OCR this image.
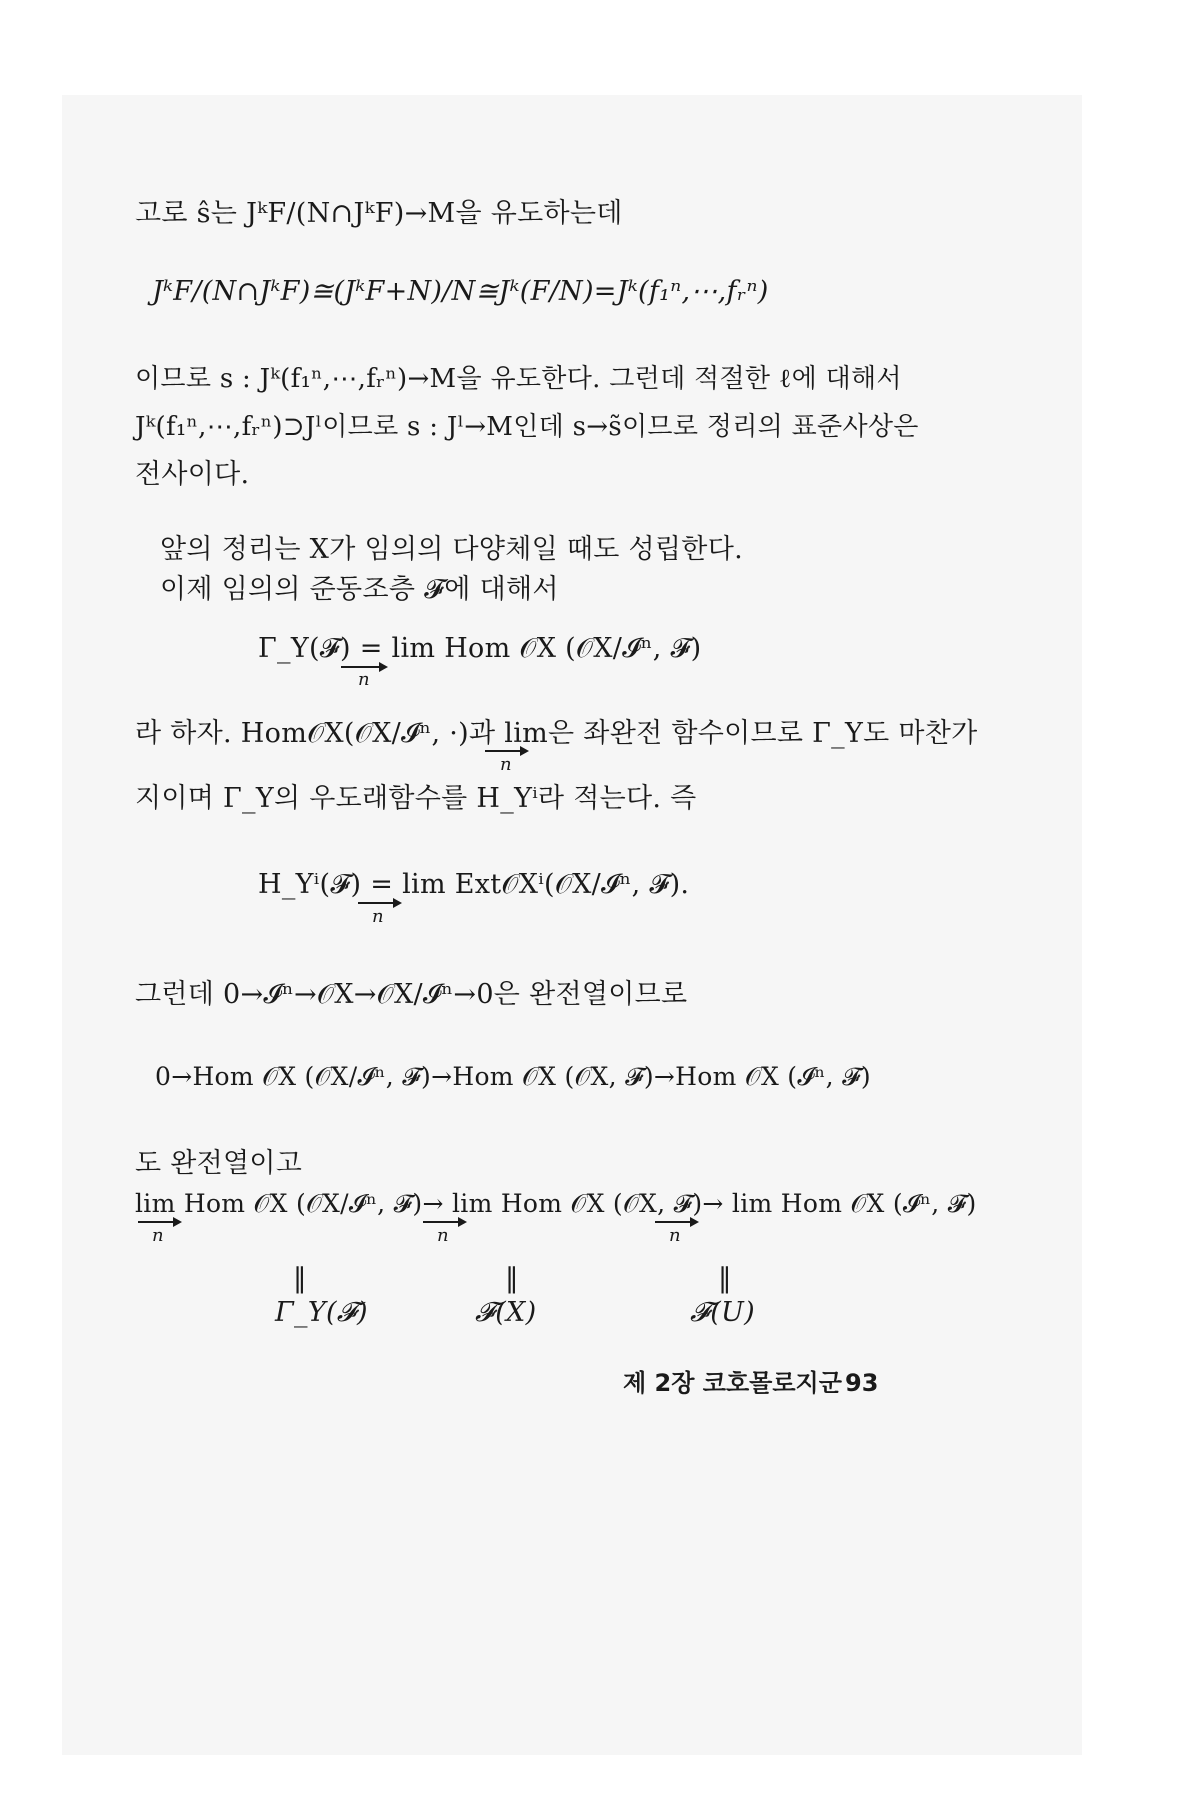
고로 ŝ는 JᵏF/(N∩JᵏF)→M을 유도하는데
JᵏF/(N∩JᵏF)≅(JᵏF+N)/N≅Jᵏ(F/N)=Jᵏ(f₁ⁿ,⋯,fᵣⁿ)
이므로 s : Jᵏ(f₁ⁿ,⋯,fᵣⁿ)→M을 유도한다. 그런데 적절한 ℓ에 대해서
Jᵏ(f₁ⁿ,⋯,fᵣⁿ)⊃Jˡ이므로 s : Jˡ→M인데 s→s̃이므로 정리의 표준사상은
전사이다.
앞의 정리는 X가 임의의 다양체일 때도 성립한다.
이제 임의의 준동조층 𝓕에 대해서
Γ_Y(𝓕) = lim Hom 𝒪X (𝒪X/𝓘ⁿ, 𝓕)
n
라 하자. Hom𝒪X(𝒪X/𝓘ⁿ, ·)과 lim은 좌완전 함수이므로 Γ_Y도 마찬가
n
지이며 Γ_Y의 우도래함수를 H_Yⁱ라 적는다. 즉
H_Yⁱ(𝓕) = lim Ext𝒪Xⁱ(𝒪X/𝓘ⁿ, 𝓕).
n
그런데 0→𝓘ⁿ→𝒪X→𝒪X/𝓘ⁿ→0은 완전열이므로
0→Hom 𝒪X (𝒪X/𝓘ⁿ, 𝓕)→Hom 𝒪X (𝒪X, 𝓕)→Hom 𝒪X (𝓘ⁿ, 𝓕)
도 완전열이고
lim Hom 𝒪X (𝒪X/𝓘ⁿ, 𝓕)→ lim Hom 𝒪X (𝒪X, 𝓕)→ lim Hom 𝒪X (𝓘ⁿ, 𝓕)
n	n	n
‖	‖	‖
Γ_Y(𝓕)	𝓕(X)	𝓕(U)
제 2장 코호몰로지군 93
